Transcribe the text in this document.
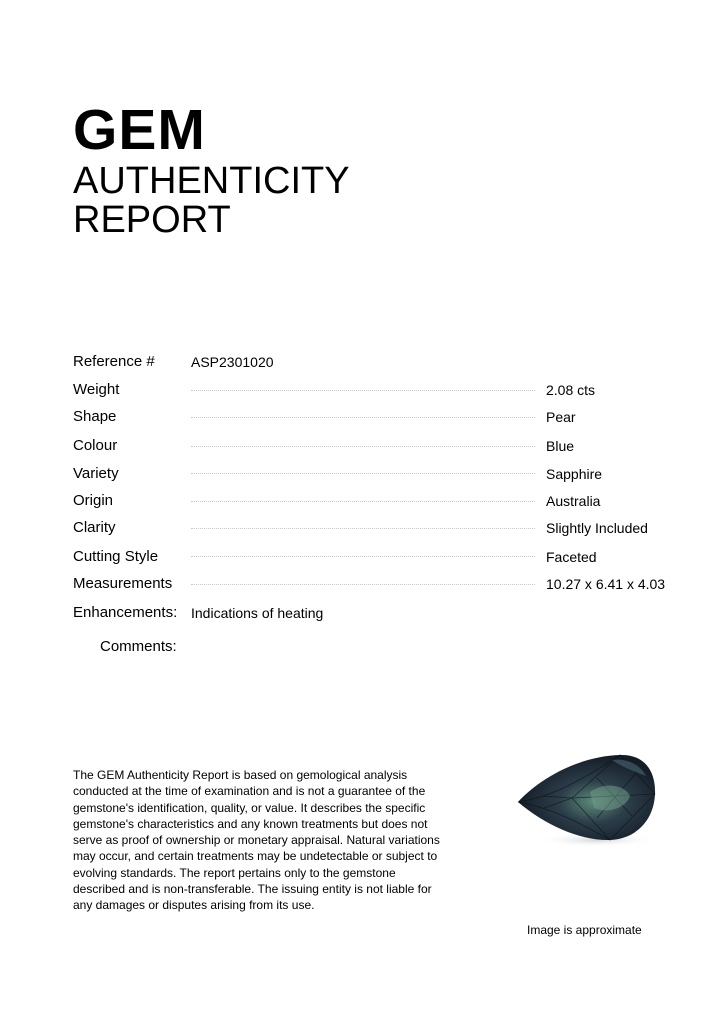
GEM
AUTHENTICITY
REPORT
Reference #	ASP2301020
Weight	2.08 cts
Shape	Pear
Colour	Blue
Variety	Sapphire
Origin	Australia
Clarity	Slightly Included
Cutting Style	Faceted
Measurements	10.27 x 6.41 x 4.03
Enhancements: Indications of heating
Comments:

The GEM Authenticity Report is based on gemological analysis conducted at the time of examination and is not a guarantee of the gemstone's identification, quality, or value. It describes the specific gemstone's characteristics and any known treatments but does not serve as proof of ownership or monetary appraisal. Natural variations may occur, and certain treatments may be undetectable or subject to evolving standards. The report pertains only to the gemstone described and is non-transferable. The issuing entity is not liable for any damages or disputes arising from its use.

Image is approximate
